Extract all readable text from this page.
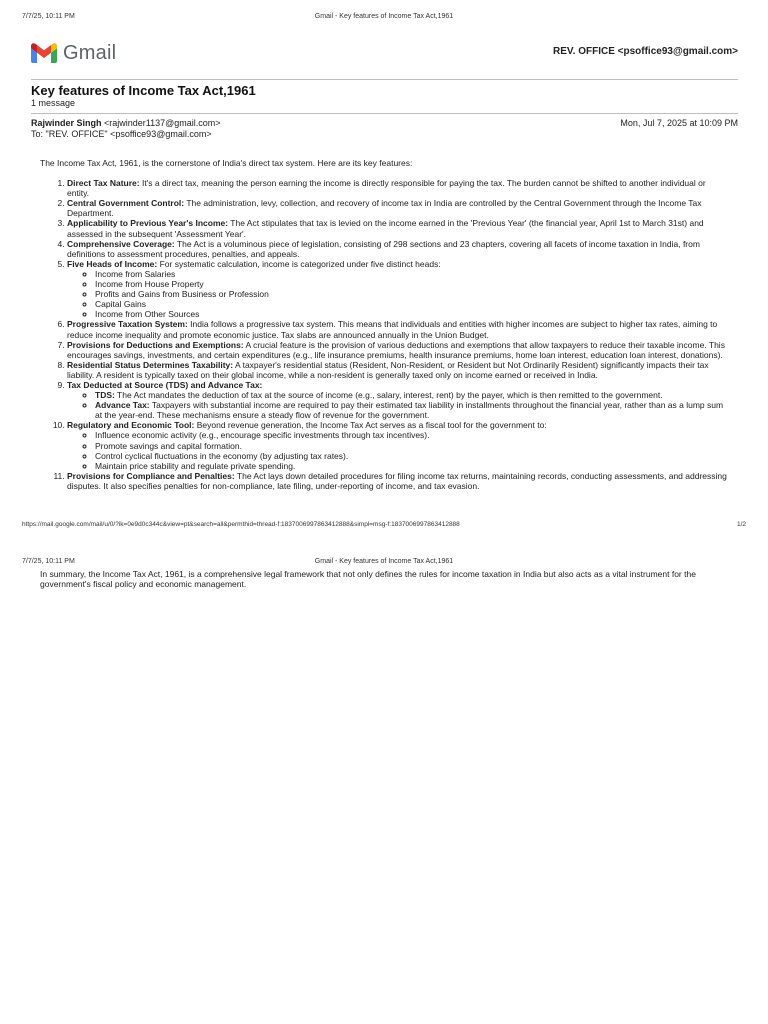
7/7/25, 10:11 PM	Gmail - Key features of Income Tax Act,1961
Gmail	REV. OFFICE <psoffice93@gmail.com>
Key features of Income Tax Act,1961
1 message
Rajwinder Singh <rajwinder1137@gmail.com>
To: "REV. OFFICE" <psoffice93@gmail.com>
Mon, Jul 7, 2025 at 10:09 PM

The Income Tax Act, 1961, is the cornerstone of India's direct tax system. Here are its key features:

1. Direct Tax Nature: It's a direct tax, meaning the person earning the income is directly responsible for paying the tax. The burden cannot be shifted to another individual or entity.
2. Central Government Control: The administration, levy, collection, and recovery of income tax in India are controlled by the Central Government through the Income Tax Department.
3. Applicability to Previous Year's Income: The Act stipulates that tax is levied on the income earned in the 'Previous Year' (the financial year, April 1st to March 31st) and assessed in the subsequent 'Assessment Year'.
4. Comprehensive Coverage: The Act is a voluminous piece of legislation, consisting of 298 sections and 23 chapters, covering all facets of income taxation in India, from definitions to assessment procedures, penalties, and appeals.
5. Five Heads of Income: For systematic calculation, income is categorized under five distinct heads:
◦ Income from Salaries
◦ Income from House Property
◦ Profits and Gains from Business or Profession
◦ Capital Gains
◦ Income from Other Sources
6. Progressive Taxation System: India follows a progressive tax system. This means that individuals and entities with higher incomes are subject to higher tax rates, aiming to reduce income inequality and promote economic justice. Tax slabs are announced annually in the Union Budget.
7. Provisions for Deductions and Exemptions: A crucial feature is the provision of various deductions and exemptions that allow taxpayers to reduce their taxable income. This encourages savings, investments, and certain expenditures (e.g., life insurance premiums, health insurance premiums, home loan interest, education loan interest, donations).
8. Residential Status Determines Taxability: A taxpayer's residential status (Resident, Non-Resident, or Resident but Not Ordinarily Resident) significantly impacts their tax liability. A resident is typically taxed on their global income, while a non-resident is generally taxed only on income earned or received in India.
9. Tax Deducted at Source (TDS) and Advance Tax:
◦ TDS: The Act mandates the deduction of tax at the source of income (e.g., salary, interest, rent) by the payer, which is then remitted to the government.
◦ Advance Tax: Taxpayers with substantial income are required to pay their estimated tax liability in installments throughout the financial year, rather than as a lump sum at the year-end. These mechanisms ensure a steady flow of revenue for the government.
10. Regulatory and Economic Tool: Beyond revenue generation, the Income Tax Act serves as a fiscal tool for the government to:
◦ Influence economic activity (e.g., encourage specific investments through tax incentives).
◦ Promote savings and capital formation.
◦ Control cyclical fluctuations in the economy (by adjusting tax rates).
◦ Maintain price stability and regulate private spending.
11. Provisions for Compliance and Penalties: The Act lays down detailed procedures for filing income tax returns, maintaining records, conducting assessments, and addressing disputes. It also specifies penalties for non-compliance, late filing, under-reporting of income, and tax evasion.
https://mail.google.com/mail/u/0/?ik=0e9d0c344c&view=pt&search=all&permthid=thread-f:1837006997863412888&simpl=msg-f:1837006997863412888	1/2
7/7/25, 10:11 PM	Gmail - Key features of Income Tax Act,1961
In summary, the Income Tax Act, 1961, is a comprehensive legal framework that not only defines the rules for income taxation in India but also acts as a vital instrument for the government's fiscal policy and economic management.
